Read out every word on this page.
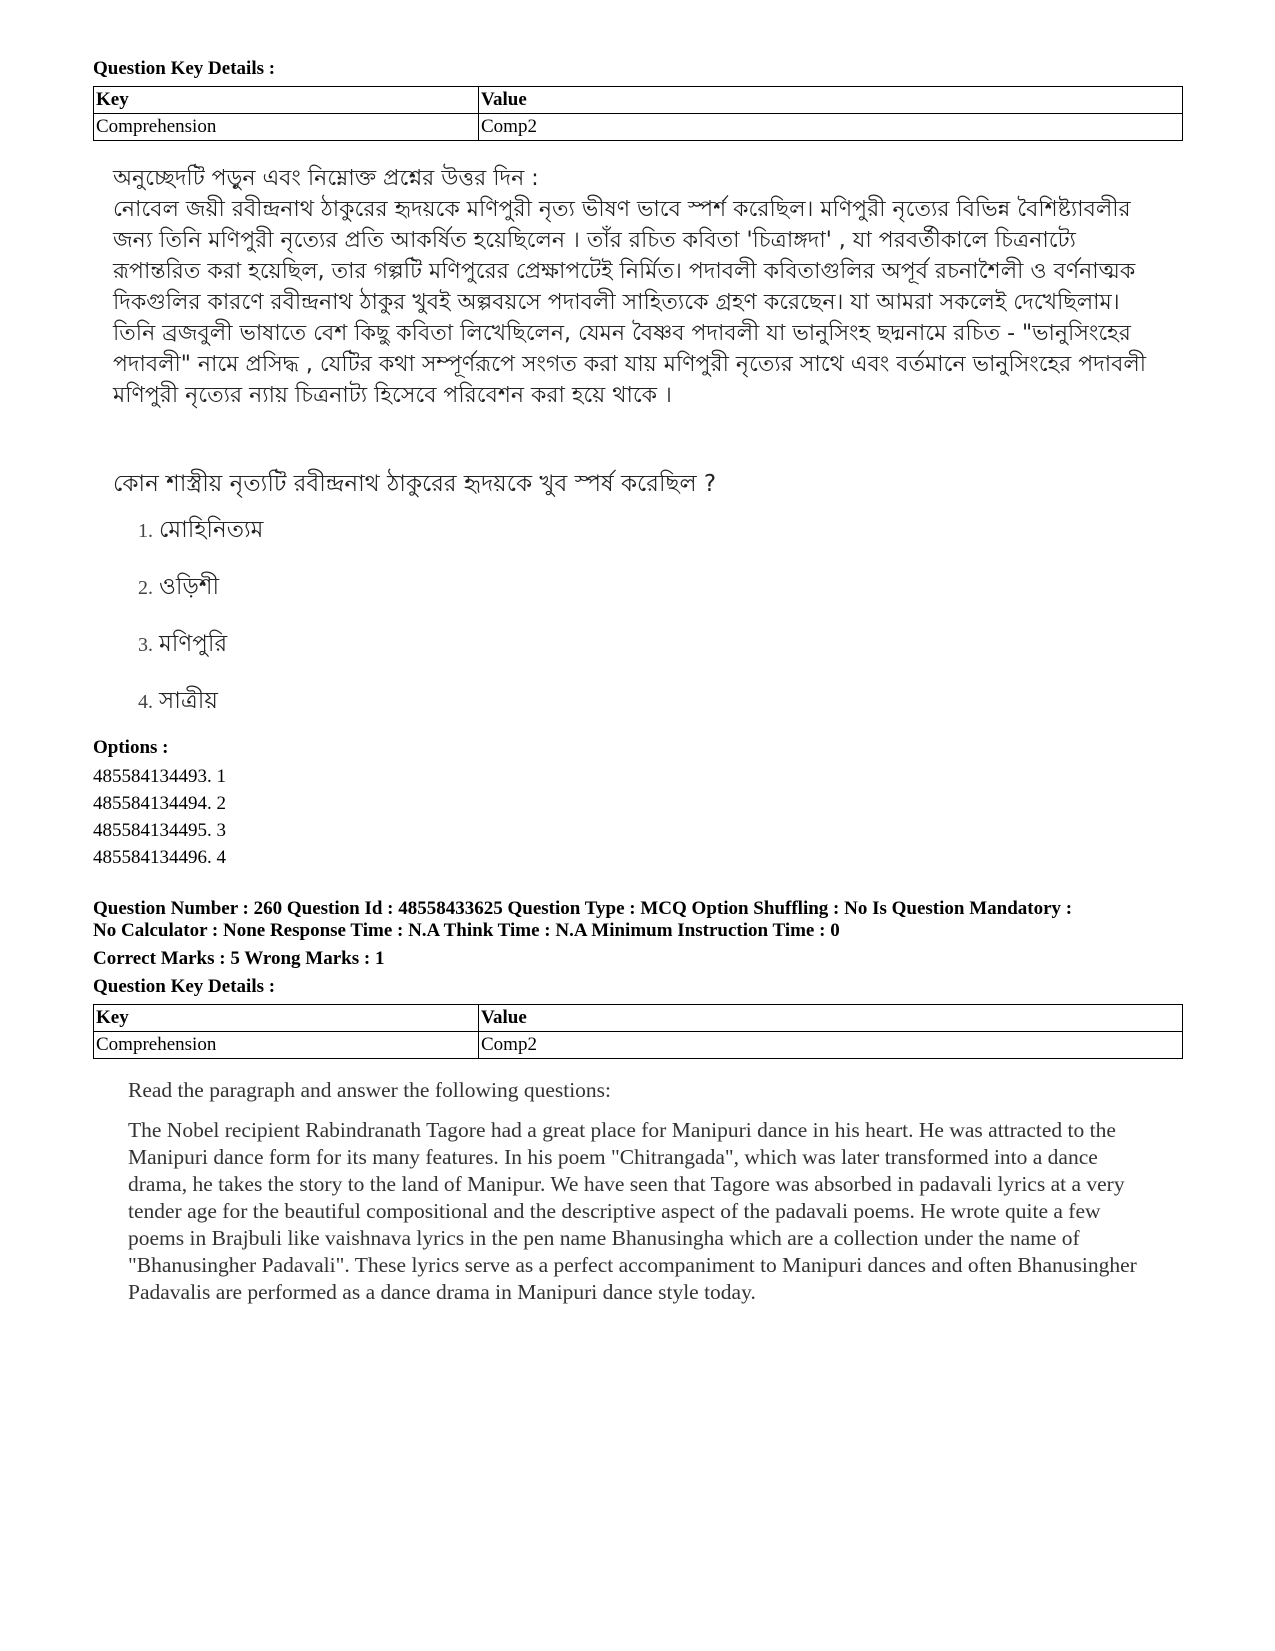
Question Key Details :

Key	Value
Comprehension	Comp2

অনুচ্ছেদটি পড়ুন এবং নিম্নোক্ত প্রশ্নের উত্তর দিন :

নোবেল জয়ী রবীন্দ্রনাথ ঠাকুরের হৃদয়কে মণিপুরী নৃত্য ভীষণ ভাবে স্পর্শ করেছিল। মণিপুরী নৃত্যের বিভিন্ন বৈশিষ্ট্যাবলীর জন্য তিনি মণিপুরী নৃত্যের প্রতি আকর্ষিত হয়েছিলেন । তাঁর রচিত কবিতা 'চিত্রাঙ্গদা' , যা পরবর্তীকালে চিত্রনাট্যে রূপান্তরিত করা হয়েছিল, তার গল্পটি মণিপুরের প্রেক্ষাপটেই নির্মিত। পদাবলী কবিতাগুলির অপূর্ব রচনাশৈলী ও বর্ণনাত্মক দিকগুলির কারণে রবীন্দ্রনাথ ঠাকুর খুবই অল্পবয়সে পদাবলী সাহিত্যকে গ্রহণ করেছেন। যা আমরা সকলেই দেখেছিলাম। তিনি ব্রজবুলী ভাষাতে বেশ কিছু কবিতা লিখেছিলেন, যেমন বৈষ্ণব পদাবলী যা ভানুসিংহ ছদ্মনামে রচিত - "ভানুসিংহের পদাবলী" নামে প্রসিদ্ধ , যেটির কথা সম্পূর্ণরূপে সংগত করা যায় মণিপুরী নৃত্যের সাথে এবং বর্তমানে ভানুসিংহের পদাবলী মণিপুরী নৃত্যের ন্যায় চিত্রনাট্য হিসেবে পরিবেশন করা হয়ে থাকে ।

কোন শাস্ত্রীয় নৃত্যটি রবীন্দ্রনাথ ঠাকুরের হৃদয়কে খুব স্পর্ষ করেছিল ?
1. মোহিনিত্যম
2. ওড়িশী
3. মণিপুরি
4. সাত্রীয়

Options :

485584134493. 1

485584134494. 2

485584134495. 3

485584134496. 4

Question Number : 260 Question Id : 48558433625 Question Type : MCQ Option Shuffling : No Is Question Mandatory :
No Calculator : None Response Time : N.A Think Time : N.A Minimum Instruction Time : 0
Correct Marks : 5 Wrong Marks : 1
Question Key Details :
Key	Value
Comprehension	Comp2

Read the paragraph and answer the following questions:

The Nobel recipient Rabindranath Tagore had a great place for Manipuri dance in his heart. He was attracted to the Manipuri dance form for its many features. In his poem "Chitrangada", which was later transformed into a dance drama, he takes the story to the land of Manipur. We have seen that Tagore was absorbed in padavali lyrics at a very tender age for the beautiful compositional and the descriptive aspect of the padavali poems. He wrote quite a few poems in Brajbuli like vaishnava lyrics in the pen name Bhanusingha which are a collection under the name of "Bhanusingher Padavali". These lyrics serve as a perfect accompaniment to Manipuri dances and often Bhanusingher Padavalis are performed as a dance drama in Manipuri dance style today.
